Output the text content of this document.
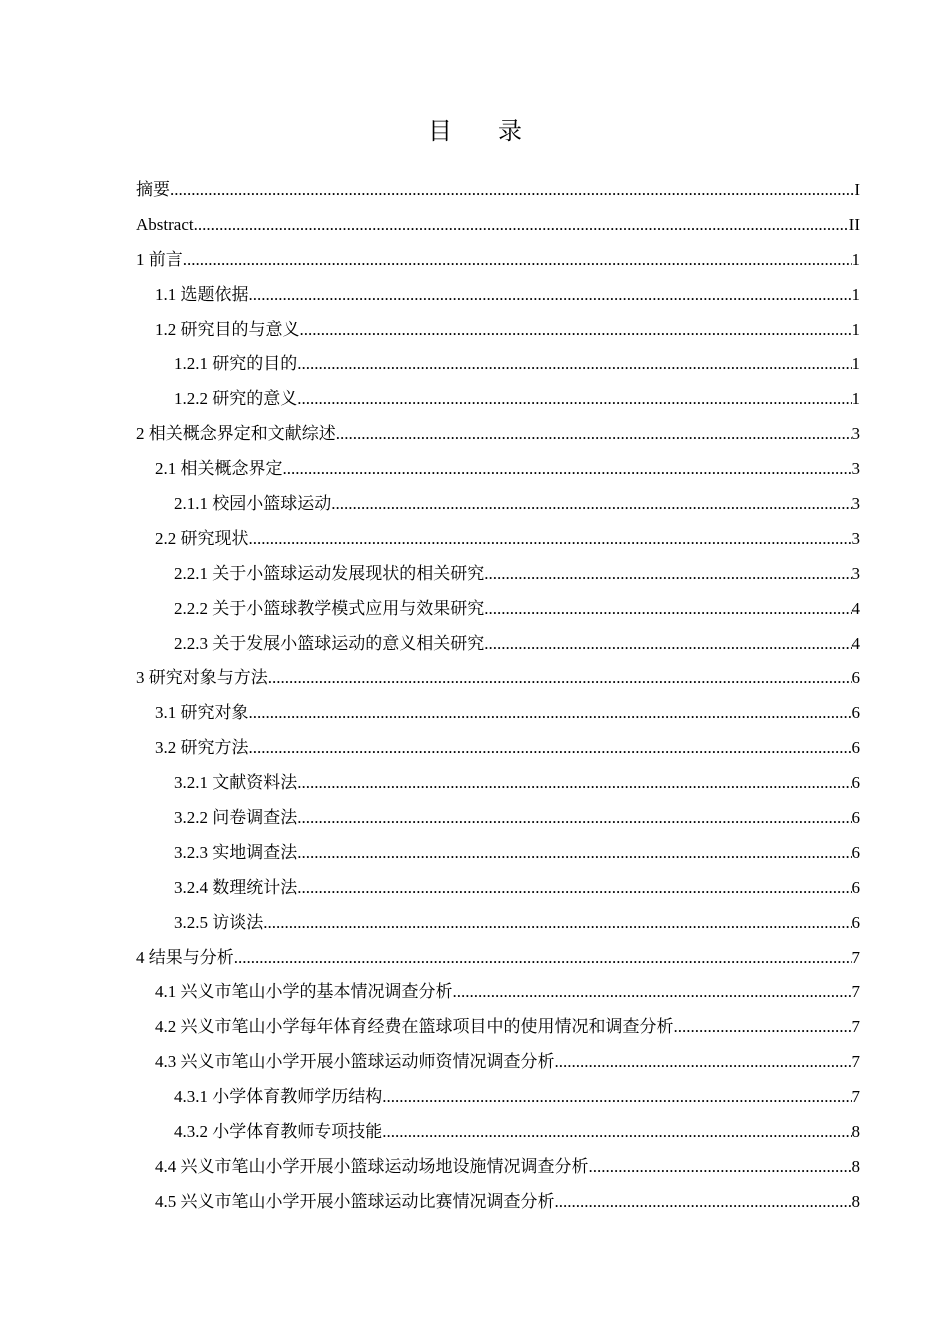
目 录
摘要 .....	I
Abstract .....	II
1 前言 .....	1
1.1 选题依据 .....	1
1.2 研究目的与意义 .....	1
1.2.1 研究的目的 .....	1
1.2.2 研究的意义 .....	1
2 相关概念界定和文献综述 .....	3
2.1 相关概念界定 .....	3
2.1.1 校园小篮球运动 .....	3
2.2 研究现状 .....	3
2.2.1 关于小篮球运动发展现状的相关研究 .....	3
2.2.2 关于小篮球教学模式应用与效果研究 .....	4
2.2.3 关于发展小篮球运动的意义相关研究 .....	4
3 研究对象与方法 .....	6
3.1 研究对象 .....	6
3.2 研究方法 .....	6
3.2.1 文献资料法 .....	6
3.2.2 问卷调查法 .....	6
3.2.3 实地调查法 .....	6
3.2.4 数理统计法 .....	6
3.2.5 访谈法 .....	6
4 结果与分析 .....	7
4.1 兴义市笔山小学的基本情况调查分析 .....	7
4.2 兴义市笔山小学每年体育经费在篮球项目中的使用情况和调查分析 .....	7
4.3 兴义市笔山小学开展小篮球运动师资情况调查分析 .....	7
4.3.1 小学体育教师学历结构 .....	7
4.3.2 小学体育教师专项技能 .....	8
4.4 兴义市笔山小学开展小篮球运动场地设施情况调查分析 .....	8
4.5 兴义市笔山小学开展小篮球运动比赛情况调查分析 .....	8
